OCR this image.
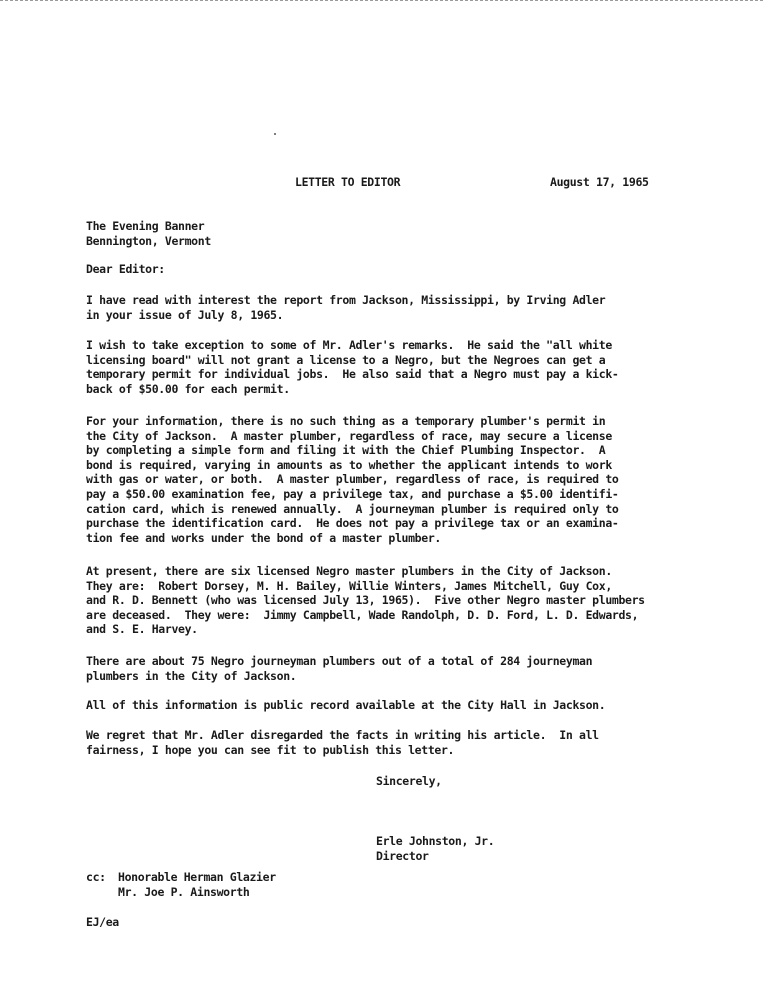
LETTER TO EDITOR	August 17, 1965
The Evening Banner
Bennington, Vermont
Dear Editor:
I have read with interest the report from Jackson, Mississippi, by Irving Adler
in your issue of July 8, 1965.
I wish to take exception to some of Mr. Adler's remarks.  He said the "all white
licensing board" will not grant a license to a Negro, but the Negroes can get a
temporary permit for individual jobs.  He also said that a Negro must pay a kick-
back of $50.00 for each permit.
For your information, there is no such thing as a temporary plumber's permit in
the City of Jackson.  A master plumber, regardless of race, may secure a license
by completing a simple form and filing it with the Chief Plumbing Inspector.  A
bond is required, varying in amounts as to whether the applicant intends to work
with gas or water, or both.  A master plumber, regardless of race, is required to
pay a $50.00 examination fee, pay a privilege tax, and purchase a $5.00 identifi-
cation card, which is renewed annually.  A journeyman plumber is required only to
purchase the identification card.  He does not pay a privilege tax or an examina-
tion fee and works under the bond of a master plumber.
At present, there are six licensed Negro master plumbers in the City of Jackson.
They are:  Robert Dorsey, M. H. Bailey, Willie Winters, James Mitchell, Guy Cox,
and R. D. Bennett (who was licensed July 13, 1965).  Five other Negro master plumbers
are deceased.  They were:  Jimmy Campbell, Wade Randolph, D. D. Ford, L. D. Edwards,
and S. E. Harvey.
There are about 75 Negro journeyman plumbers out of a total of 284 journeyman
plumbers in the City of Jackson.
All of this information is public record available at the City Hall in Jackson.
We regret that Mr. Adler disregarded the facts in writing his article.  In all
fairness, I hope you can see fit to publish this letter.
Sincerely,
Erle Johnston, Jr.
Director
cc: Honorable Herman Glazier
Mr. Joe P. Ainsworth
EJ/ea
